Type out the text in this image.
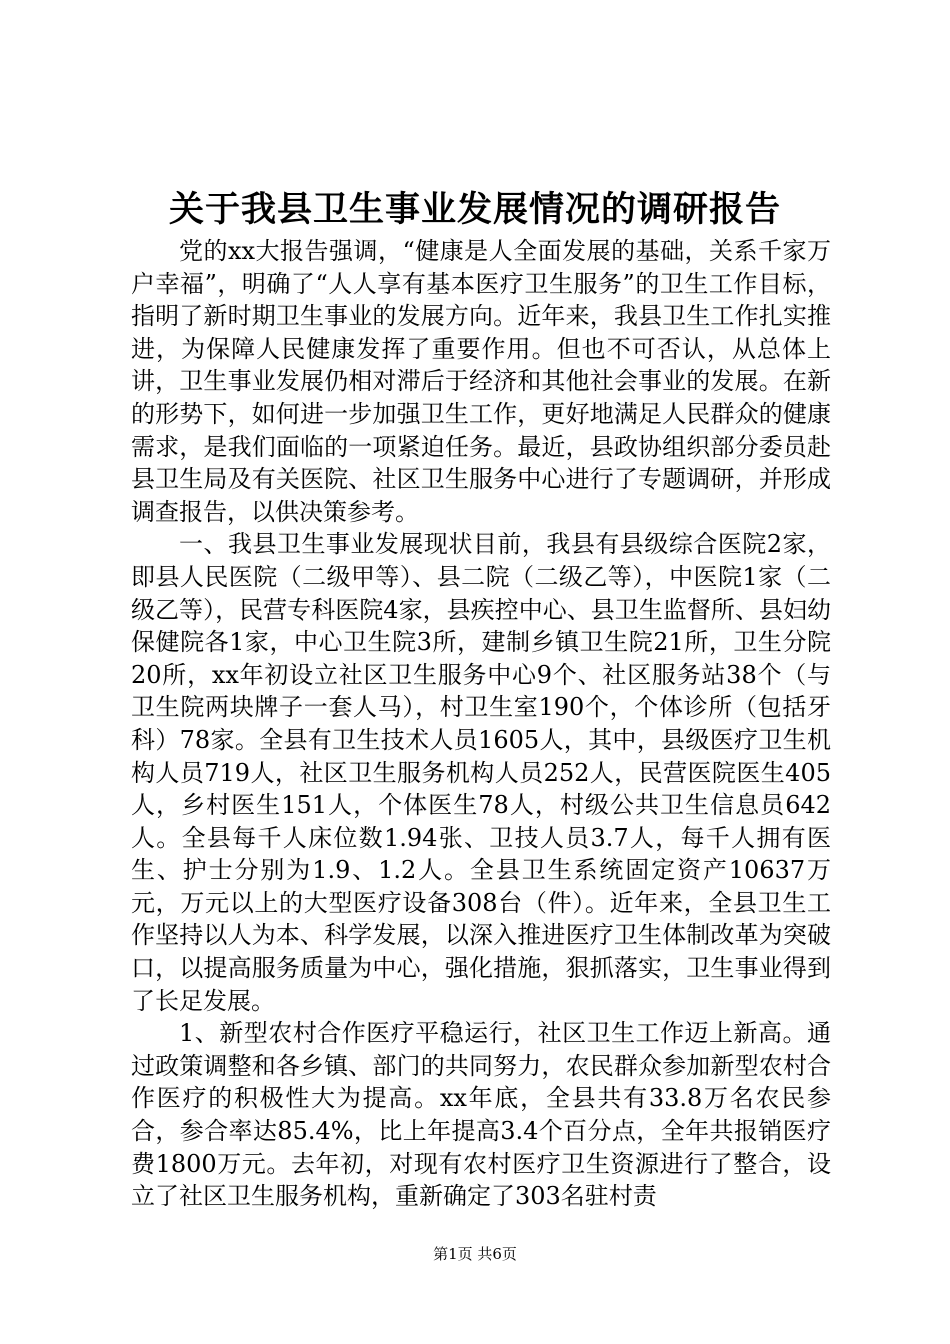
关于我县卫生事业发展情况的调研报告

党的xx大报告强调，“健康是人全面发展的基础，关系千家万户幸福”，明确了“人人享有基本医疗卫生服务”的卫生工作目标，指明了新时期卫生事业的发展方向。近年来，我县卫生工作扎实推进，为保障人民健康发挥了重要作用。但也不可否认，从总体上讲，卫生事业发展仍相对滞后于经济和其他社会事业的发展。在新的形势下，如何进一步加强卫生工作，更好地满足人民群众的健康需求，是我们面临的一项紧迫任务。最近，县政协组织部分委员赴县卫生局及有关医院、社区卫生服务中心进行了专题调研，并形成调查报告，以供决策参考。

一、我县卫生事业发展现状目前，我县有县级综合医院2家，即县人民医院（二级甲等）、县二院（二级乙等），中医院1家（二级乙等），民营专科医院4家，县疾控中心、县卫生监督所、县妇幼保健院各1家，中心卫生院3所，建制乡镇卫生院21所，卫生分院20所，xx年初设立社区卫生服务中心9个、社区服务站38个（与卫生院两块牌子一套人马），村卫生室190个，个体诊所（包括牙科）78家。全县有卫生技术人员1605人，其中，县级医疗卫生机构人员719人，社区卫生服务机构人员252人，民营医院医生405人，乡村医生151人，个体医生78人，村级公共卫生信息员642人。全县每千人床位数1.94张、卫技人员3.7人，每千人拥有医生、护士分别为1.9、1.2人。全县卫生系统固定资产10637万元，万元以上的大型医疗设备308台（件）。近年来，全县卫生工作坚持以人为本、科学发展，以深入推进医疗卫生体制改革为突破口，以提高服务质量为中心，强化措施，狠抓落实，卫生事业得到了长足发展。

1、新型农村合作医疗平稳运行，社区卫生工作迈上新高。通过政策调整和各乡镇、部门的共同努力，农民群众参加新型农村合作医疗的积极性大为提高。xx年底，全县共有33.8万名农民参合，参合率达85.4%，比上年提高3.4个百分点，全年共报销医疗费1800万元。去年初，对现有农村医疗卫生资源进行了整合，设立了社区卫生服务机构，重新确定了303名驻村责

第1页 共6页
